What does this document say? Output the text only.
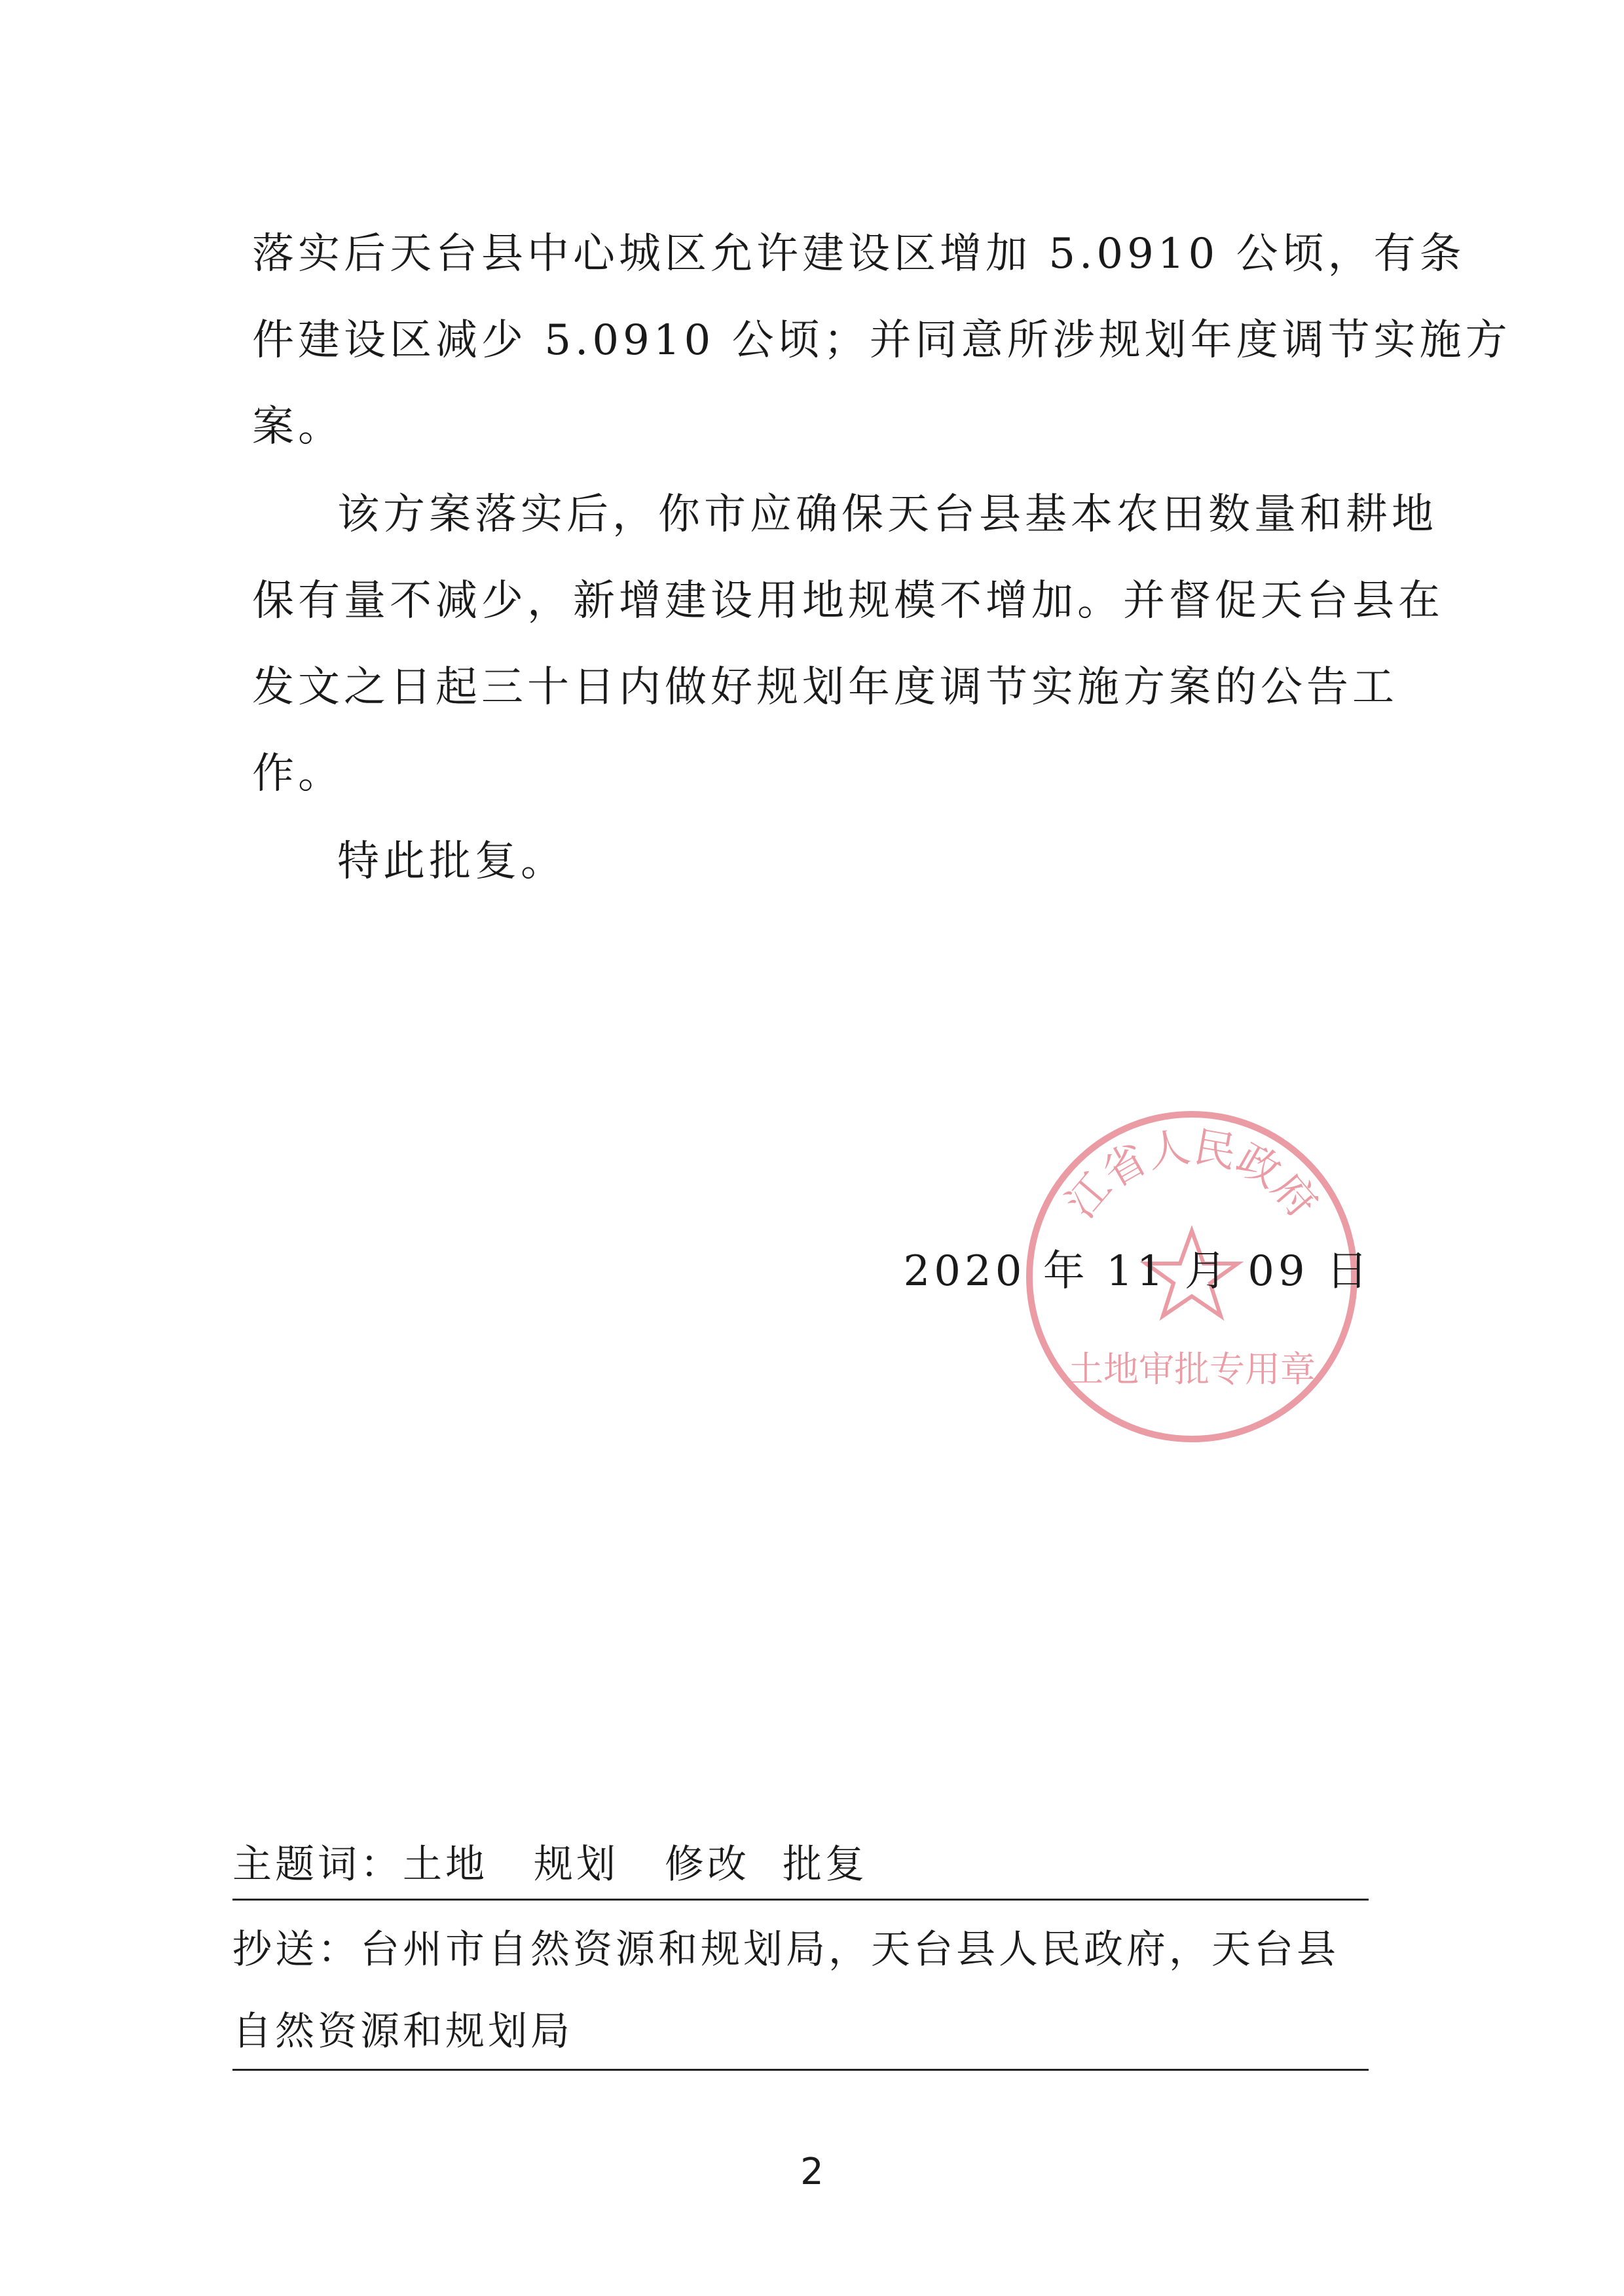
落实后天台县中心城区允许建设区增加 5.0910 公顷，有条
件建设区减少 5.0910 公顷；并同意所涉规划年度调节实施方
案。
该方案落实后，你市应确保天台县基本农田数量和耕地
保有量不减少，新增建设用地规模不增加。并督促天台县在
发文之日起三十日内做好规划年度调节实施方案的公告工
作。
特此批复。
江省人民政府
土地审批专用章
2020 年 11 月 09 日
主题词：土地 规划 修改 批复
抄送：台州市自然资源和规划局，天台县人民政府，天台县
自然资源和规划局
2
